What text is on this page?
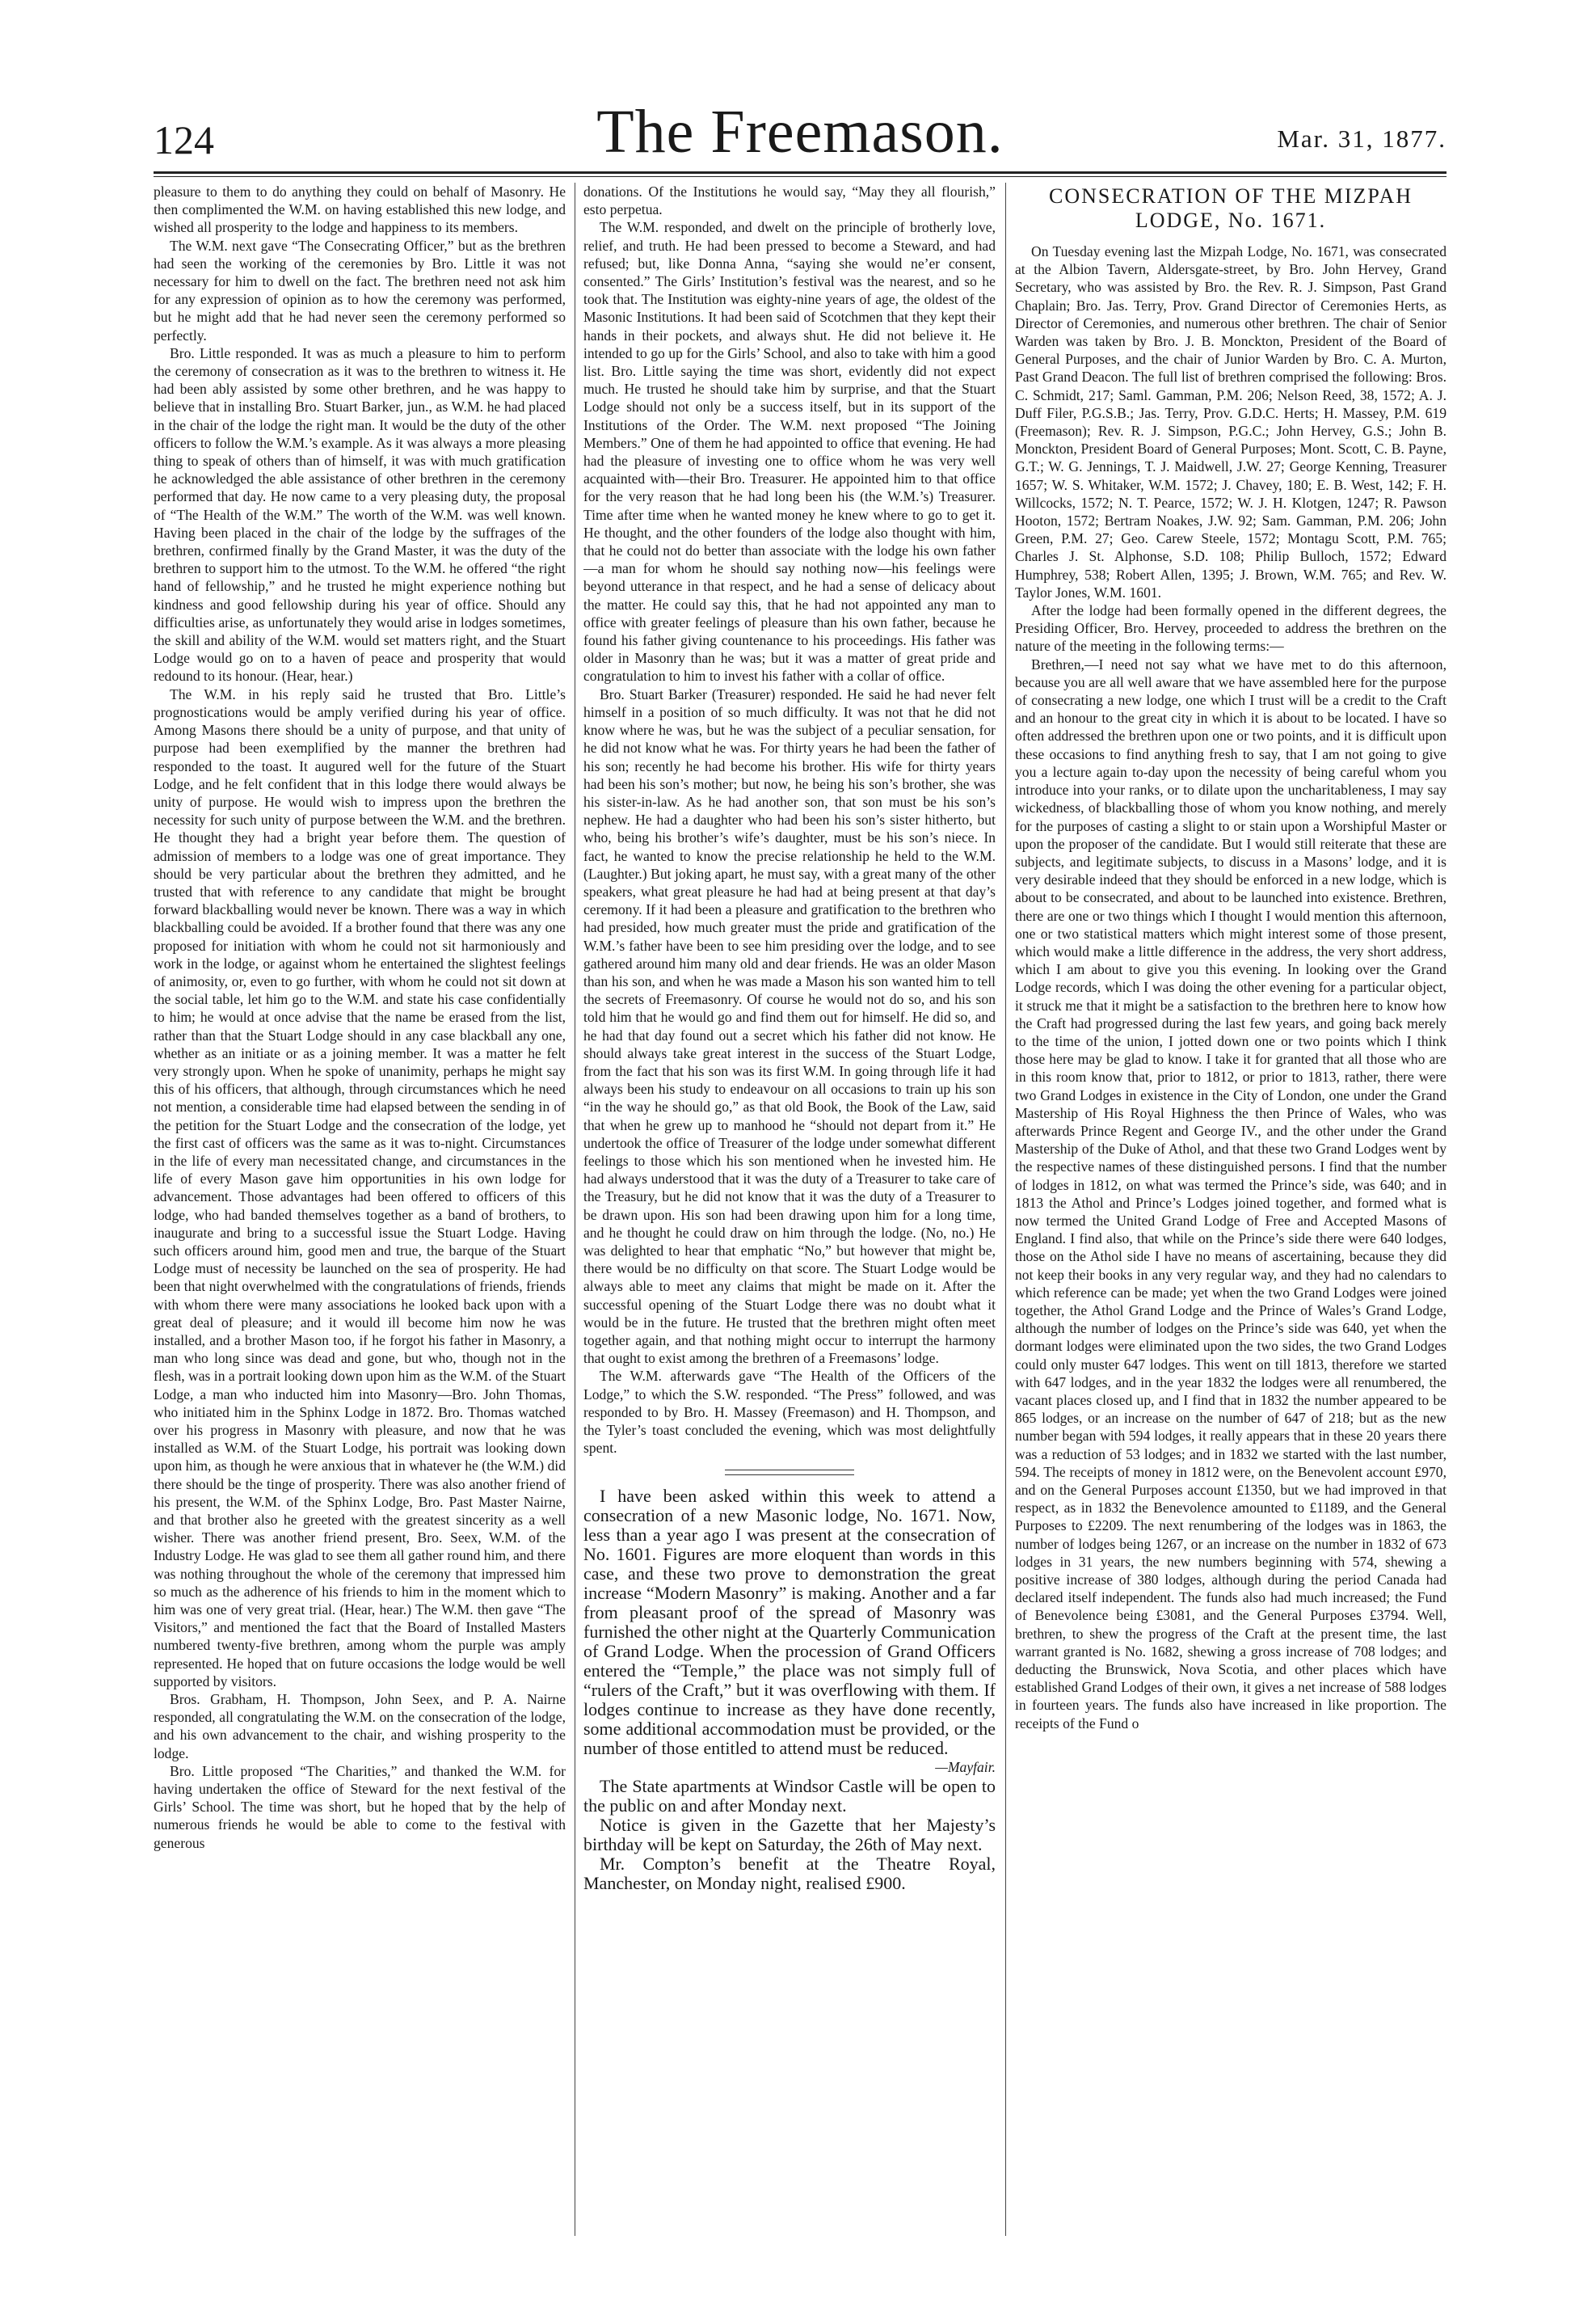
124	The Freemason.	Mar. 31, 1877.

pleasure to them to do anything they could on behalf of Masonry. He then complimented the W.M. on having established this new lodge, and wished all prosperity to the lodge and happiness to its members.

The W.M. next gave “The Consecrating Officer,” but as the brethren had seen the working of the ceremonies by Bro. Little it was not necessary for him to dwell on the fact. The brethren need not ask him for any expression of opinion as to how the ceremony was performed, but he might add that he had never seen the ceremony performed so perfectly.

Bro. Little responded. It was as much a pleasure to him to perform the ceremony of consecration as it was to the brethren to witness it. He had been ably assisted by some other brethren, and he was happy to believe that in installing Bro. Stuart Barker, jun., as W.M. he had placed in the chair of the lodge the right man. It would be the duty of the other officers to follow the W.M.’s example. As it was always a more pleasing thing to speak of others than of himself, it was with much gratification he acknowledged the able assistance of other brethren in the ceremony performed that day. He now came to a very pleasing duty, the proposal of “The Health of the W.M.” The worth of the W.M. was well known. Having been placed in the chair of the lodge by the suffrages of the brethren, confirmed finally by the Grand Master, it was the duty of the brethren to support him to the utmost. To the W.M. he offered “the right hand of fellowship,” and he trusted he might experience nothing but kindness and good fellowship during his year of office. Should any difficulties arise, as unfortunately they would arise in lodges sometimes, the skill and ability of the W.M. would set matters right, and the Stuart Lodge would go on to a haven of peace and prosperity that would redound to its honour. (Hear, hear.)

The W.M. in his reply said he trusted that Bro. Little’s prognostications would be amply verified during his year of office. Among Masons there should be a unity of purpose, and that unity of purpose had been exemplified by the manner the brethren had responded to the toast. It augured well for the future of the Stuart Lodge, and he felt confident that in this lodge there would always be unity of purpose. He would wish to impress upon the brethren the necessity for such unity of purpose between the W.M. and the brethren. He thought they had a bright year before them. The question of admission of members to a lodge was one of great importance. They should be very particular about the brethren they admitted, and he trusted that with reference to any candidate that might be brought forward blackballing would never be known. There was a way in which blackballing could be avoided. If a brother found that there was any one proposed for initiation with whom he could not sit harmoniously and work in the lodge, or against whom he entertained the slightest feelings of animosity, or, even to go further, with whom he could not sit down at the social table, let him go to the W.M. and state his case confidentially to him; he would at once advise that the name be erased from the list, rather than that the Stuart Lodge should in any case blackball any one, whether as an initiate or as a joining member. It was a matter he felt very strongly upon. When he spoke of unanimity, perhaps he might say this of his officers, that although, through circumstances which he need not mention, a considerable time had elapsed between the sending in of the petition for the Stuart Lodge and the consecration of the lodge, yet the first cast of officers was the same as it was to-night. Circumstances in the life of every man necessitated change, and circumstances in the life of every Mason gave him opportunities in his own lodge for advancement. Those advantages had been offered to officers of this lodge, who had banded themselves together as a band of brothers, to inaugurate and bring to a successful issue the Stuart Lodge. Having such officers around him, good men and true, the barque of the Stuart Lodge must of necessity be launched on the sea of prosperity. He had been that night overwhelmed with the congratulations of friends, friends with whom there were many associations he looked back upon with a great deal of pleasure; and it would ill become him now he was installed, and a brother Mason too, if he forgot his father in Masonry, a man who long since was dead and gone, but who, though not in the flesh, was in a portrait looking down upon him as the W.M. of the Stuart Lodge, a man who inducted him into Masonry—Bro. John Thomas, who initiated him in the Sphinx Lodge in 1872. Bro. Thomas watched over his progress in Masonry with pleasure, and now that he was installed as W.M. of the Stuart Lodge, his portrait was looking down upon him, as though he were anxious that in whatever he (the W.M.) did there should be the tinge of prosperity. There was also another friend of his present, the W.M. of the Sphinx Lodge, Bro. Past Master Nairne, and that brother also he greeted with the greatest sincerity as a well wisher. There was another friend present, Bro. Seex, W.M. of the Industry Lodge. He was glad to see them all gather round him, and there was nothing throughout the whole of the ceremony that impressed him so much as the adherence of his friends to him in the moment which to him was one of very great trial. (Hear, hear.) The W.M. then gave “The Visitors,” and mentioned the fact that the Board of Installed Masters numbered twenty-five brethren, among whom the purple was amply represented. He hoped that on future occasions the lodge would be well supported by visitors.

Bros. Grabham, H. Thompson, John Seex, and P. A. Nairne responded, all congratulating the W.M. on the consecration of the lodge, and his own advancement to the chair, and wishing prosperity to the lodge.

Bro. Little proposed “The Charities,” and thanked the W.M. for having undertaken the office of Steward for the next festival of the Girls’ School. The time was short, but he hoped that by the help of numerous friends he would be able to come to the festival with generous

donations. Of the Institutions he would say, “May they all flourish,” esto perpetua.

The W.M. responded, and dwelt on the principle of brotherly love, relief, and truth. He had been pressed to become a Steward, and had refused; but, like Donna Anna, “saying she would ne’er consent, consented.” The Girls’ Institution’s festival was the nearest, and so he took that. The Institution was eighty-nine years of age, the oldest of the Masonic Institutions. It had been said of Scotchmen that they kept their hands in their pockets, and always shut. He did not believe it. He intended to go up for the Girls’ School, and also to take with him a good list. Bro. Little saying the time was short, evidently did not expect much. He trusted he should take him by surprise, and that the Stuart Lodge should not only be a success itself, but in its support of the Institutions of the Order. The W.M. next proposed “The Joining Members.” One of them he had appointed to office that evening. He had had the pleasure of investing one to office whom he was very well acquainted with—their Bro. Treasurer. He appointed him to that office for the very reason that he had long been his (the W.M.’s) Treasurer. Time after time when he wanted money he knew where to go to get it. He thought, and the other founders of the lodge also thought with him, that he could not do better than associate with the lodge his own father—a man for whom he should say nothing now—his feelings were beyond utterance in that respect, and he had a sense of delicacy about the matter. He could say this, that he had not appointed any man to office with greater feelings of pleasure than his own father, because he found his father giving countenance to his proceedings. His father was older in Masonry than he was; but it was a matter of great pride and congratulation to him to invest his father with a collar of office.

Bro. Stuart Barker (Treasurer) responded. He said he had never felt himself in a position of so much difficulty. It was not that he did not know where he was, but he was the subject of a peculiar sensation, for he did not know what he was. For thirty years he had been the father of his son; recently he had become his brother. His wife for thirty years had been his son’s mother; but now, he being his son’s brother, she was his sister-in-law. As he had another son, that son must be his son’s nephew. He had a daughter who had been his son’s sister hitherto, but who, being his brother’s wife’s daughter, must be his son’s niece. In fact, he wanted to know the precise relationship he held to the W.M. (Laughter.) But joking apart, he must say, with a great many of the other speakers, what great pleasure he had had at being present at that day’s ceremony. If it had been a pleasure and gratification to the brethren who had presided, how much greater must the pride and gratification of the W.M.’s father have been to see him presiding over the lodge, and to see gathered around him many old and dear friends. He was an older Mason than his son, and when he was made a Mason his son wanted him to tell the secrets of Freemasonry. Of course he would not do so, and his son told him that he would go and find them out for himself. He did so, and he had that day found out a secret which his father did not know. He should always take great interest in the success of the Stuart Lodge, from the fact that his son was its first W.M. In going through life it had always been his study to endeavour on all occasions to train up his son “in the way he should go,” as that old Book, the Book of the Law, said that when he grew up to manhood he “should not depart from it.” He undertook the office of Treasurer of the lodge under somewhat different feelings to those which his son mentioned when he invested him. He had always understood that it was the duty of a Treasurer to take care of the Treasury, but he did not know that it was the duty of a Treasurer to be drawn upon. His son had been drawing upon him for a long time, and he thought he could draw on him through the lodge. (No, no.) He was delighted to hear that emphatic “No,” but however that might be, there would be no difficulty on that score. The Stuart Lodge would be always able to meet any claims that might be made on it. After the successful opening of the Stuart Lodge there was no doubt what it would be in the future. He trusted that the brethren might often meet together again, and that nothing might occur to interrupt the harmony that ought to exist among the brethren of a Freemasons’ lodge.

The W.M. afterwards gave “The Health of the Officers of the Lodge,” to which the S.W. responded. “The Press” followed, and was responded to by Bro. H. Massey (Freemason) and H. Thompson, and the Tyler’s toast concluded the evening, which was most delightfully spent.

I have been asked within this week to attend a consecration of a new Masonic lodge, No. 1671. Now, less than a year ago I was present at the consecration of No. 1601. Figures are more eloquent than words in this case, and these two prove to demonstration the great increase “Modern Masonry” is making. Another and a far from pleasant proof of the spread of Masonry was furnished the other night at the Quarterly Communication of Grand Lodge. When the procession of Grand Officers entered the “Temple,” the place was not simply full of “rulers of the Craft,” but it was overflowing with them. If lodges continue to increase as they have done recently, some additional accommodation must be provided, or the number of those entitled to attend must be reduced.

—Mayfair.

The State apartments at Windsor Castle will be open to the public on and after Monday next.

Notice is given in the Gazette that her Majesty’s birthday will be kept on Saturday, the 26th of May next.

Mr. Compton’s benefit at the Theatre Royal, Manchester, on Monday night, realised £900.

CONSECRATION OF THE MIZPAH
LODGE, No. 1671.

On Tuesday evening last the Mizpah Lodge, No. 1671, was consecrated at the Albion Tavern, Aldersgate-street, by Bro. John Hervey, Grand Secretary, who was assisted by Bro. the Rev. R. J. Simpson, Past Grand Chaplain; Bro. Jas. Terry, Prov. Grand Director of Ceremonies Herts, as Director of Ceremonies, and numerous other brethren. The chair of Senior Warden was taken by Bro. J. B. Monckton, President of the Board of General Purposes, and the chair of Junior Warden by Bro. C. A. Murton, Past Grand Deacon. The full list of brethren comprised the following: Bros. C. Schmidt, 217; Saml. Gamman, P.M. 206; Nelson Reed, 38, 1572; A. J. Duff Filer, P.G.S.B.; Jas. Terry, Prov. G.D.C. Herts; H. Massey, P.M. 619 (Freemason); Rev. R. J. Simpson, P.G.C.; John Hervey, G.S.; John B. Monckton, President Board of General Purposes; Mont. Scott, C. B. Payne, G.T.; W. G. Jennings, T. J. Maidwell, J.W. 27; George Kenning, Treasurer 1657; W. S. Whitaker, W.M. 1572; J. Chavey, 180; E. B. West, 142; F. H. Willcocks, 1572; N. T. Pearce, 1572; W. J. H. Klotgen, 1247; R. Pawson Hooton, 1572; Bertram Noakes, J.W. 92; Sam. Gamman, P.M. 206; John Green, P.M. 27; Geo. Carew Steele, 1572; Montagu Scott, P.M. 765; Charles J. St. Alphonse, S.D. 108; Philip Bulloch, 1572; Edward Humphrey, 538; Robert Allen, 1395; J. Brown, W.M. 765; and Rev. W. Taylor Jones, W.M. 1601.

After the lodge had been formally opened in the different degrees, the Presiding Officer, Bro. Hervey, proceeded to address the brethren on the nature of the meeting in the following terms:—

Brethren,—I need not say what we have met to do this afternoon, because you are all well aware that we have assembled here for the purpose of consecrating a new lodge, one which I trust will be a credit to the Craft and an honour to the great city in which it is about to be located. I have so often addressed the brethren upon one or two points, and it is difficult upon these occasions to find anything fresh to say, that I am not going to give you a lecture again to-day upon the necessity of being careful whom you introduce into your ranks, or to dilate upon the uncharitableness, I may say wickedness, of blackballing those of whom you know nothing, and merely for the purposes of casting a slight to or stain upon a Worshipful Master or upon the proposer of the candidate. But I would still reiterate that these are subjects, and legitimate subjects, to discuss in a Masons’ lodge, and it is very desirable indeed that they should be enforced in a new lodge, which is about to be consecrated, and about to be launched into existence. Brethren, there are one or two things which I thought I would mention this afternoon, one or two statistical matters which might interest some of those present, which would make a little difference in the address, the very short address, which I am about to give you this evening. In looking over the Grand Lodge records, which I was doing the other evening for a particular object, it struck me that it might be a satisfaction to the brethren here to know how the Craft had progressed during the last few years, and going back merely to the time of the union, I jotted down one or two points which I think those here may be glad to know. I take it for granted that all those who are in this room know that, prior to 1812, or prior to 1813, rather, there were two Grand Lodges in existence in the City of London, one under the Grand Mastership of His Royal Highness the then Prince of Wales, who was afterwards Prince Regent and George IV., and the other under the Grand Mastership of the Duke of Athol, and that these two Grand Lodges went by the respective names of these distinguished persons. I find that the number of lodges in 1812, on what was termed the Prince’s side, was 640; and in 1813 the Athol and Prince’s Lodges joined together, and formed what is now termed the United Grand Lodge of Free and Accepted Masons of England. I find also, that while on the Prince’s side there were 640 lodges, those on the Athol side I have no means of ascertaining, because they did not keep their books in any very regular way, and they had no calendars to which reference can be made; yet when the two Grand Lodges were joined together, the Athol Grand Lodge and the Prince of Wales’s Grand Lodge, although the number of lodges on the Prince’s side was 640, yet when the dormant lodges were eliminated upon the two sides, the two Grand Lodges could only muster 647 lodges. This went on till 1813, therefore we started with 647 lodges, and in the year 1832 the lodges were all renumbered, the vacant places closed up, and I find that in 1832 the number appeared to be 865 lodges, or an increase on the number of 647 of 218; but as the new number began with 594 lodges, it really appears that in these 20 years there was a reduction of 53 lodges; and in 1832 we started with the last number, 594. The receipts of money in 1812 were, on the Benevolent account £970, and on the General Purposes account £1350, but we had improved in that respect, as in 1832 the Benevolence amounted to £1189, and the General Purposes to £2209. The next renumbering of the lodges was in 1863, the number of lodges being 1267, or an increase on the number in 1832 of 673 lodges in 31 years, the new numbers beginning with 574, shewing a positive increase of 380 lodges, although during the period Canada had declared itself independent. The funds also had much increased; the Fund of Benevolence being £3081, and the General Purposes £3794. Well, brethren, to shew the progress of the Craft at the present time, the last warrant granted is No. 1682, shewing a gross increase of 708 lodges; and deducting the Brunswick, Nova Scotia, and other places which have established Grand Lodges of their own, it gives a net increase of 588 lodges in fourteen years. The funds also have increased in like proportion. The receipts of the Fund o
